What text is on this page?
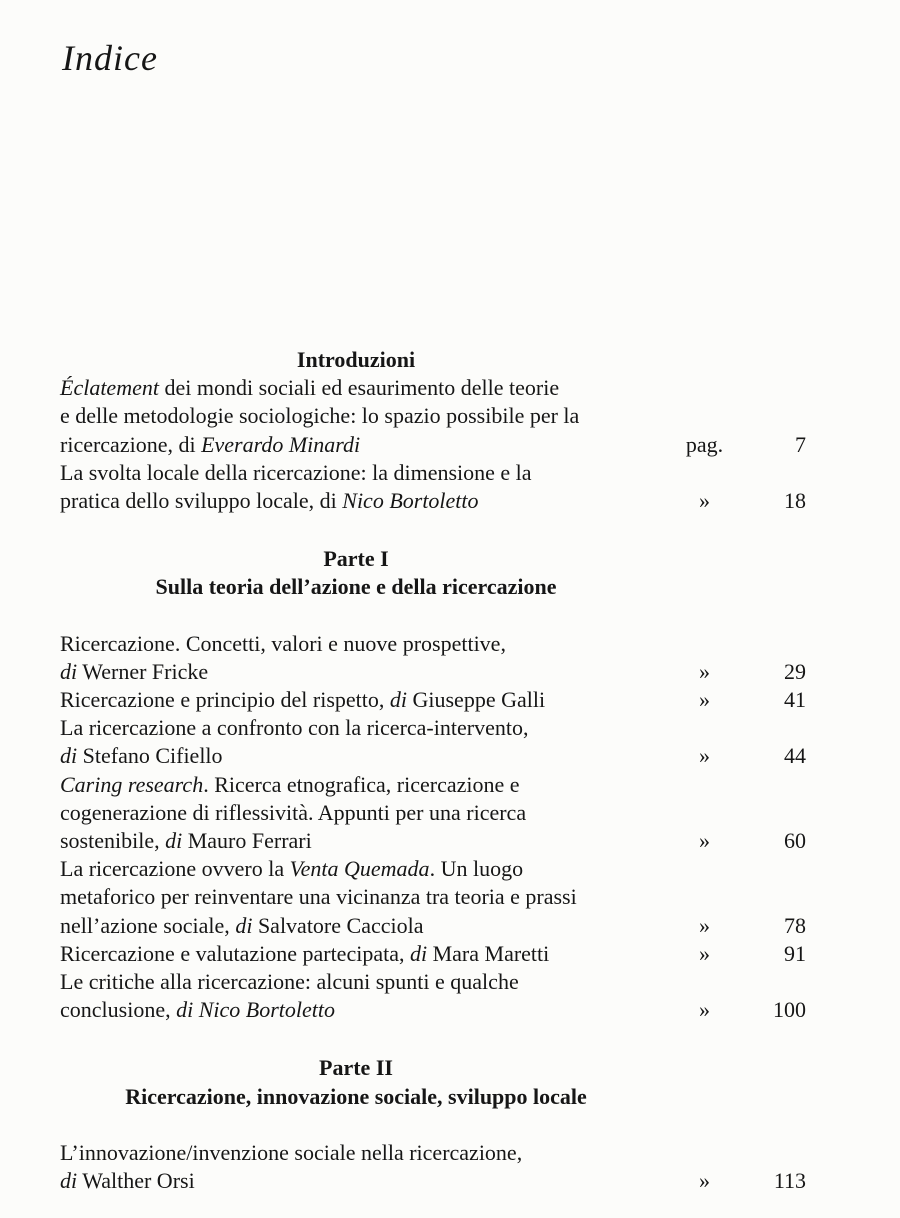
Indice
Introduzioni
Éclatement dei mondi sociali ed esaurimento delle teorie
e delle metodologie sociologiche: lo spazio possibile per la
ricercazione, di Everardo Minardi	pag.	7
La svolta locale della ricercazione: la dimensione e la
pratica dello sviluppo locale, di Nico Bortoletto	»	18
Parte I
Sulla teoria dell’azione e della ricercazione
Ricercazione. Concetti, valori e nuove prospettive,
di Werner Fricke	»	29
Ricercazione e principio del rispetto, di Giuseppe Galli	»	41
La ricercazione a confronto con la ricerca-intervento,
di Stefano Cifiello	»	44
Caring research. Ricerca etnografica, ricercazione e
cogenerazione di riflessività. Appunti per una ricerca
sostenibile, di Mauro Ferrari	»	60
La ricercazione ovvero la Venta Quemada. Un luogo
metaforico per reinventare una vicinanza tra teoria e prassi
nell’azione sociale, di Salvatore Cacciola	»	78
Ricercazione e valutazione partecipata, di Mara Maretti	»	91
Le critiche alla ricercazione: alcuni spunti e qualche
conclusione, di Nico Bortoletto	»	100
Parte II
Ricercazione, innovazione sociale, sviluppo locale
L’innovazione/invenzione sociale nella ricercazione,
di Walther Orsi	»	113
